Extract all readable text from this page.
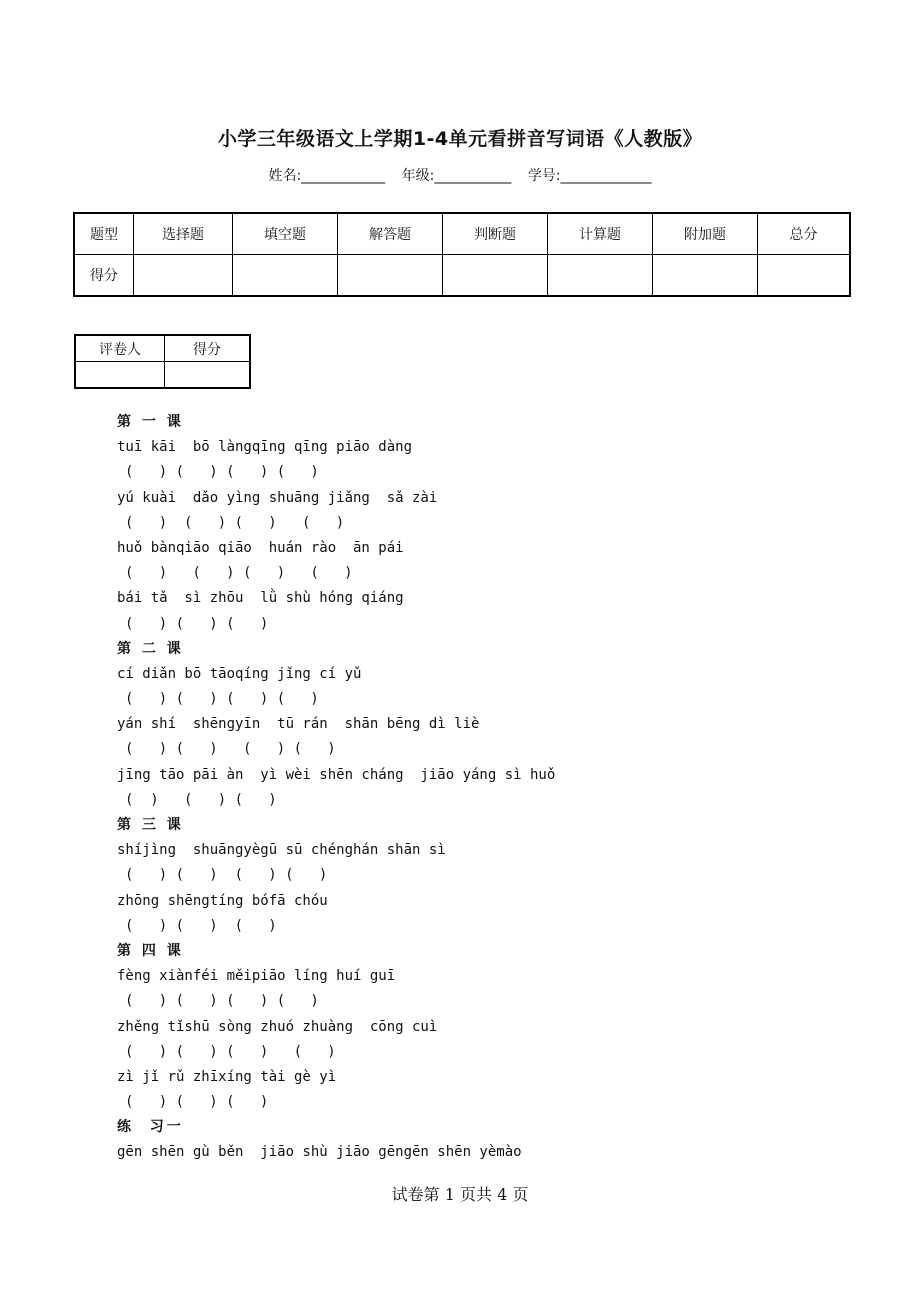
小学三年级语文上学期1-4单元看拼音写词语《人教版》
姓名:____________ 年级:___________ 学号:_____________
题型	选择题	填空题	解答题	判断题	计算题	附加题	总分
得分							
评卷人	得分

第 一 课
tuī kāi  bō làngqīng qīng piāo dàng
(   ) (   ) (   ) (   )
yú kuài  dǎo yìng shuāng jiǎng  sǎ zài
(   )  (   ) (   )   (   )
huǒ bànqiāo qiāo  huán rào  ān pái
(   )   (   ) (   )   (   )
bái tǎ  sì zhōu  lǜ shù hóng qiáng
(   ) (   ) (   )
第 二 课
cí diǎn bō tāoqíng jǐng cí yǔ
(   ) (   ) (   ) (   )
yán shí  shēngyīn  tū rán  shān bēng dì liè
(   ) (   )   (   ) (   )
jīng tāo pāi àn  yì wèi shēn cháng  jiāo yáng sì huǒ
(  )   (   ) (   )
第 三 课
shíjìng  shuāngyègū sū chénghán shān sì
(   ) (   )  (   ) (   )
zhōng shēngtíng bófā chóu
(   ) (   )  (   )
第 四 课
fèng xiànféi měipiāo líng huí guī
(   ) (   ) (   ) (   )
zhěng tǐshū sòng zhuó zhuàng  cōng cuì
(   ) (   ) (   )   (   )
zì jǐ rǔ zhīxíng tài gè yì
(   ) (   ) (   )
练  习一
gēn shēn gù běn  jiāo shù jiāo gēngēn shēn yèmào
试卷第 1 页共 4 页
